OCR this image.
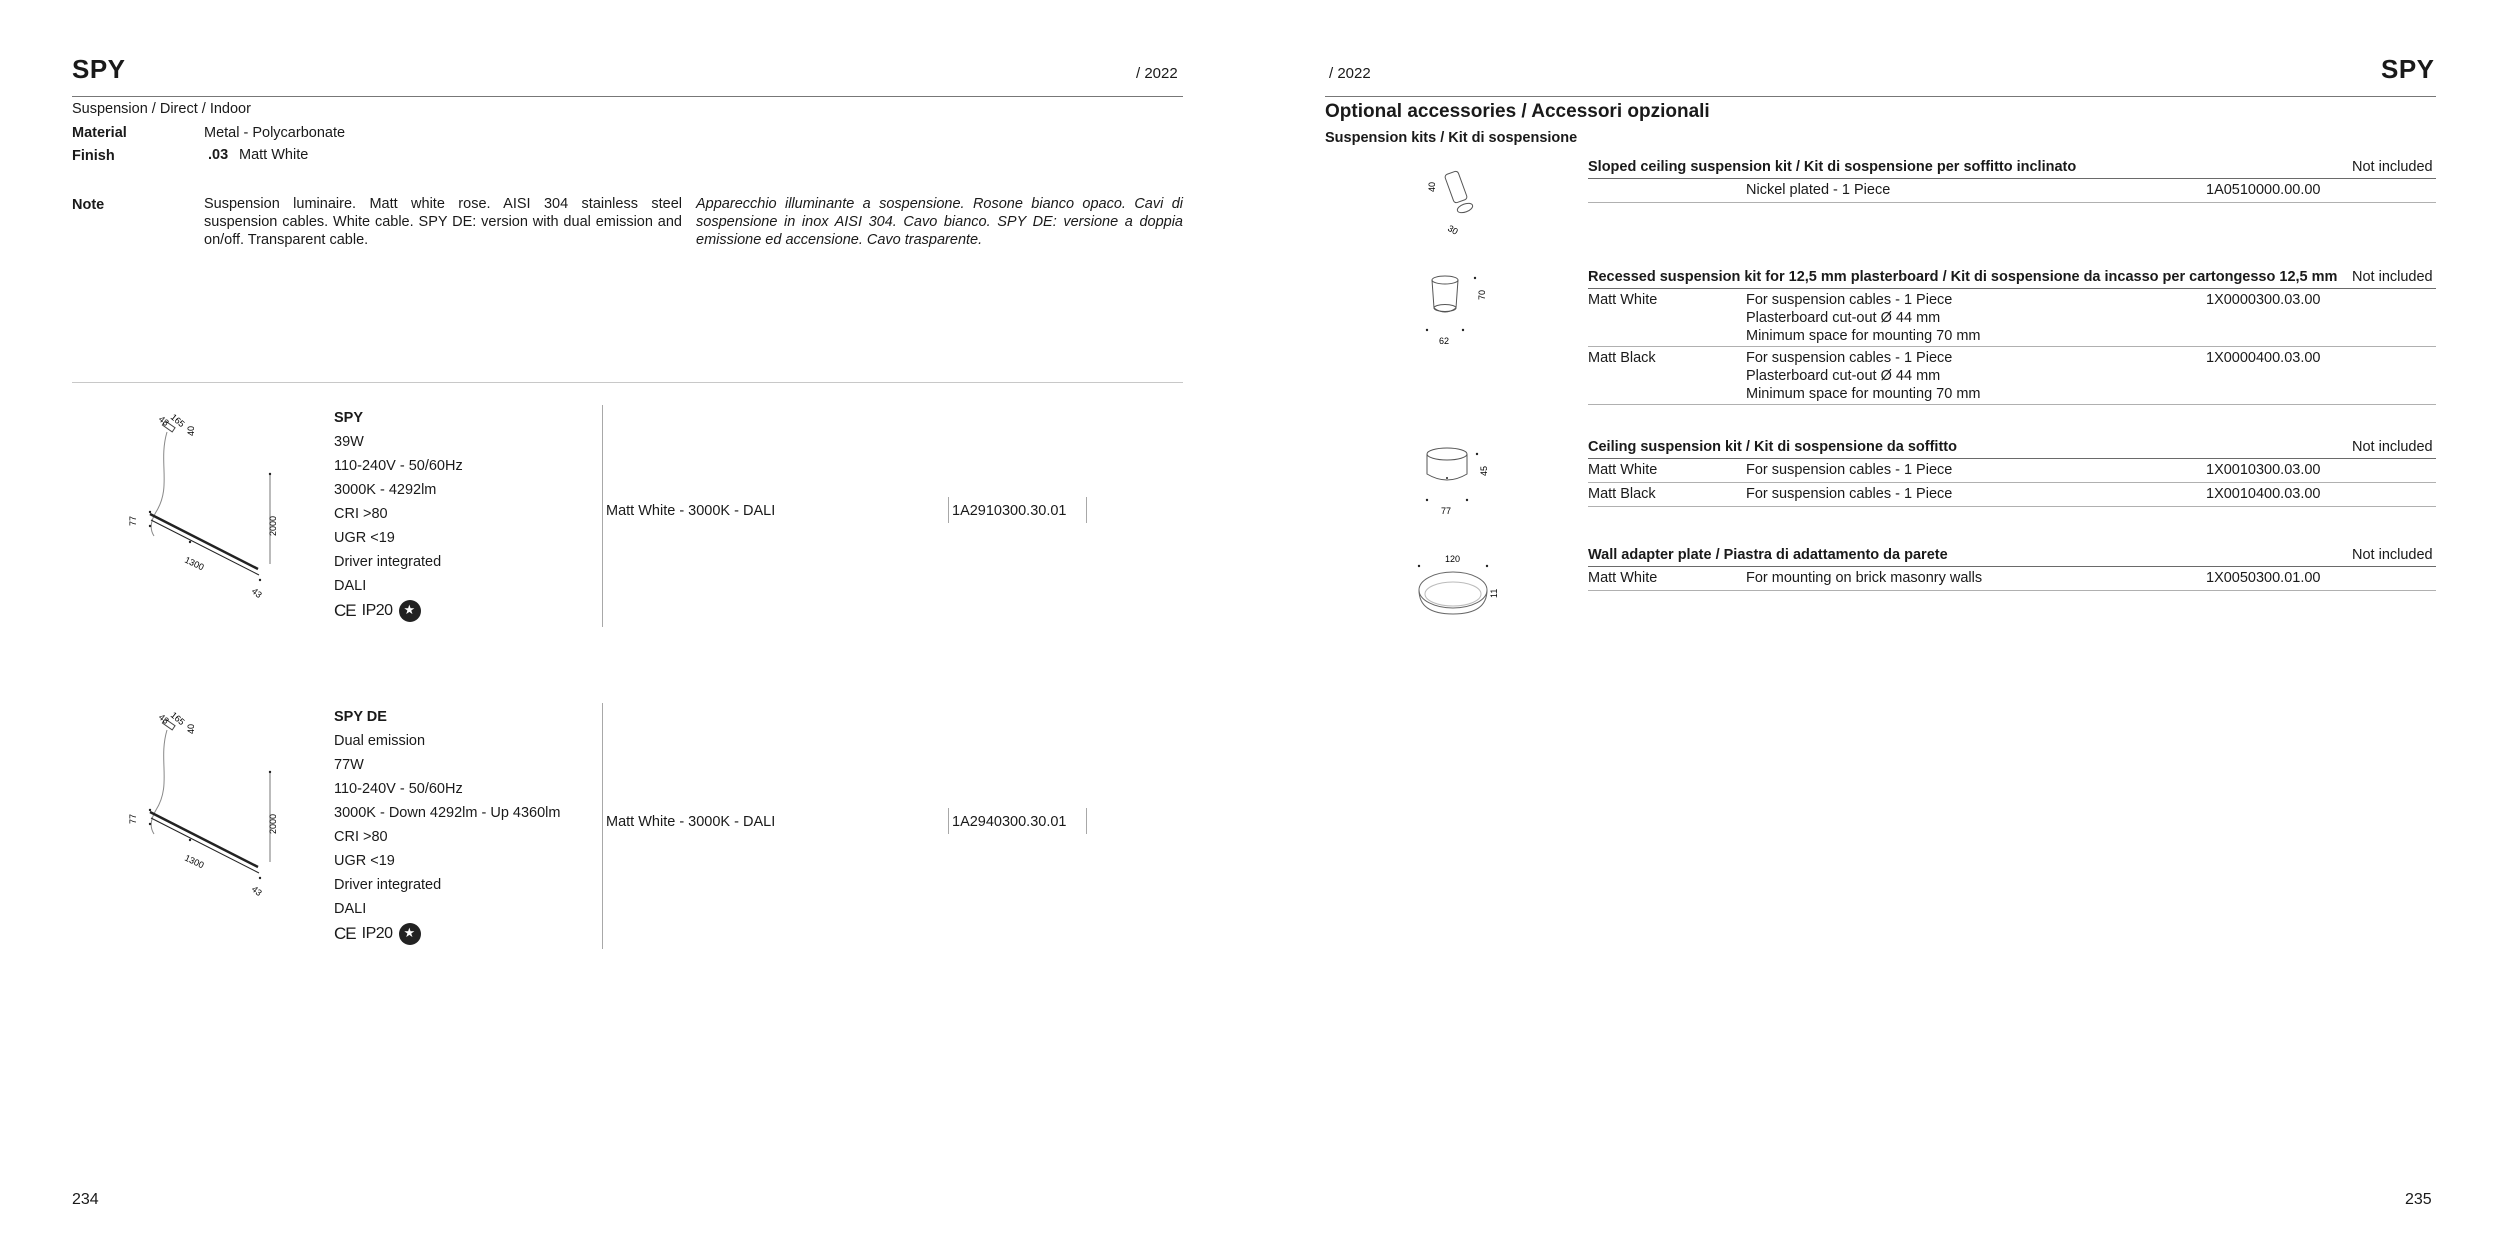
SPY	/ 2022
Suspension / Direct / Indoor
Material	Metal - Polycarbonate
Finish	.03 Matt White
Note	Suspension luminaire. Matt white rose. AISI 304 stainless steel suspension cables. White cable. SPY DE: version with dual emission and on/off. Transparent cable.
Apparecchio illuminante a sospensione. Rosone bianco opaco. Cavi di sospensione in inox AISI 304. Cavo bianco. SPY DE: versione a doppia emissione ed accensione. Cavo trasparente.
43
165
40
77
1300
2000
43
SPY
39W
110-240V - 50/60Hz
3000K - 4292lm
CRI >80
UGR <19
Driver integrated
DALI
CE IP20
★
Matt White - 3000K - DALI	1A2910300.30.01
43
165
40
77
1300
2000
43
SPY DE
Dual emission
77W
110-240V - 50/60Hz
3000K - Down 4292lm - Up 4360lm
CRI >80
UGR <19
Driver integrated
DALI
CE IP20
★
Matt White - 3000K - DALI	1A2940300.30.01
234
/ 2022	SPY
Optional accessories / Accessori opzionali
Suspension kits / Kit di sospensione
40
30
Sloped ceiling suspension kit / Kit di sospensione per soffitto inclinato	Not included
Nickel plated - 1 Piece	1A0510000.00.00
70
62
Recessed suspension kit for 12,5 mm plasterboard / Kit di sospensione da incasso per cartongesso 12,5 mm Not included
Matt White	For suspension cables - 1 Piece
Plasterboard cut-out Ø 44 mm
Minimum space for mounting 70 mm
1X0000300.03.00
Matt Black	For suspension cables - 1 Piece
Plasterboard cut-out Ø 44 mm
Minimum space for mounting 70 mm
1X0000400.03.00
45
77
Ceiling suspension kit / Kit di sospensione da soffitto	Not included
Matt White	For suspension cables - 1 Piece	1X0010300.03.00
Matt Black	For suspension cables - 1 Piece	1X0010400.03.00
120
11
Wall adapter plate / Piastra di adattamento da parete	Not included
Matt White	For mounting on brick masonry walls	1X0050300.01.00
235
